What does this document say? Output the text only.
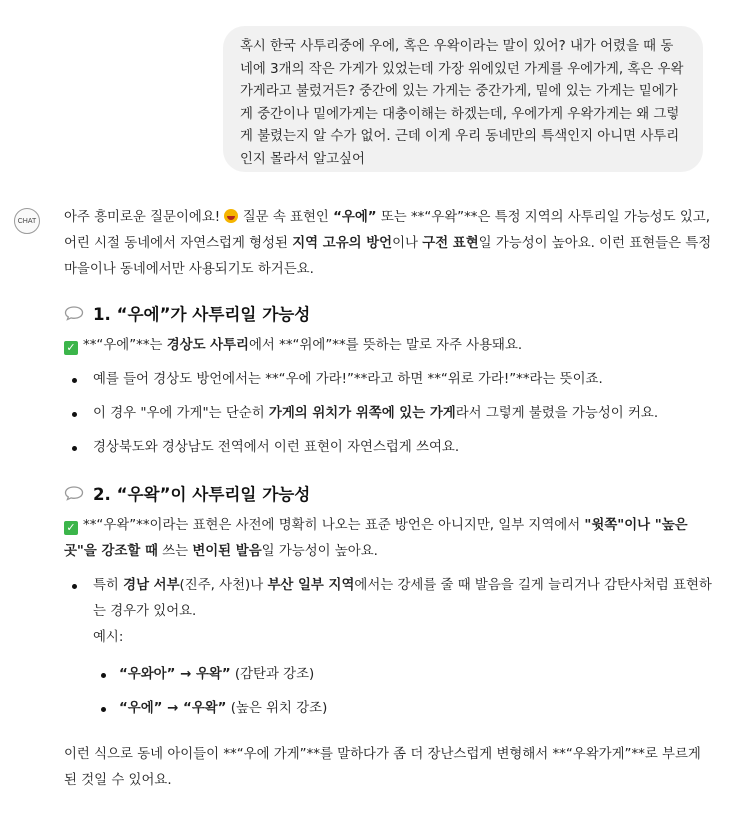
혹시 한국 사투리중에 우에, 혹은 우왁이라는 말이 있어? 내가 어렸을 때 동네에 3개의 작은 가게가 있었는데 가장 위에있던 가게를 우에가게, 혹은 우왁가게라고 불렀거든? 중간에 있는 가게는 중간가게, 밑에 있는 가게는 밑에가게 중간이나 밑에가게는 대충이해는 하겠는데, 우에가게 우왁가게는 왜 그렇게 불렸는지 알 수가 없어. 근데 이게 우리 동네만의 특색인지 아니면 사투리인지 몰라서 알고싶어
CHAT 아주 흥미로운 질문이에요!  질문 속 표현인 “우에” 또는 **“우왁”**은 특정 지역의 사투리일 가능성도 있고, 어린 시절 동네에서 자연스럽게 형성된 지역 고유의 방언이나 구전 표현일 가능성이 높아요. 이런 표현들은 특정 마을이나 동네에서만 사용되기도 하거든요.
1. “우에”가 사투리일 가능성
✓ **“우에”**는 경상도 사투리에서 **“위에”**를 뜻하는 말로 자주 사용돼요.
예를 들어 경상도 방언에서는 **“우에 가라!”**라고 하면 **“위로 가라!”**라는 뜻이죠.
이 경우 "우에 가게"는 단순히 가게의 위치가 위쪽에 있는 가게라서 그렇게 불렸을 가능성이 커요.
경상북도와 경상남도 전역에서 이런 표현이 자연스럽게 쓰여요.
2. “우왁”이 사투리일 가능성
✓ **“우왁”**이라는 표현은 사전에 명확히 나오는 표준 방언은 아니지만, 일부 지역에서 "윗쪽"이나 "높은 곳"을 강조할 때 쓰는 변이된 발음일 가능성이 높아요.
특히 경남 서부(진주, 사천)나 부산 일부 지역에서는 강세를 줄 때 발음을 길게 늘리거나 감탄사처럼 표현하는 경우가 있어요.
예시:
“우와아” → 우왁” (감탄과 강조)
“우에” → “우왁” (높은 위치 강조)
이런 식으로 동네 아이들이 **“우에 가게”**를 말하다가 좀 더 장난스럽게 변형해서 **“우왁가게”**로 부르게 된 것일 수 있어요.
